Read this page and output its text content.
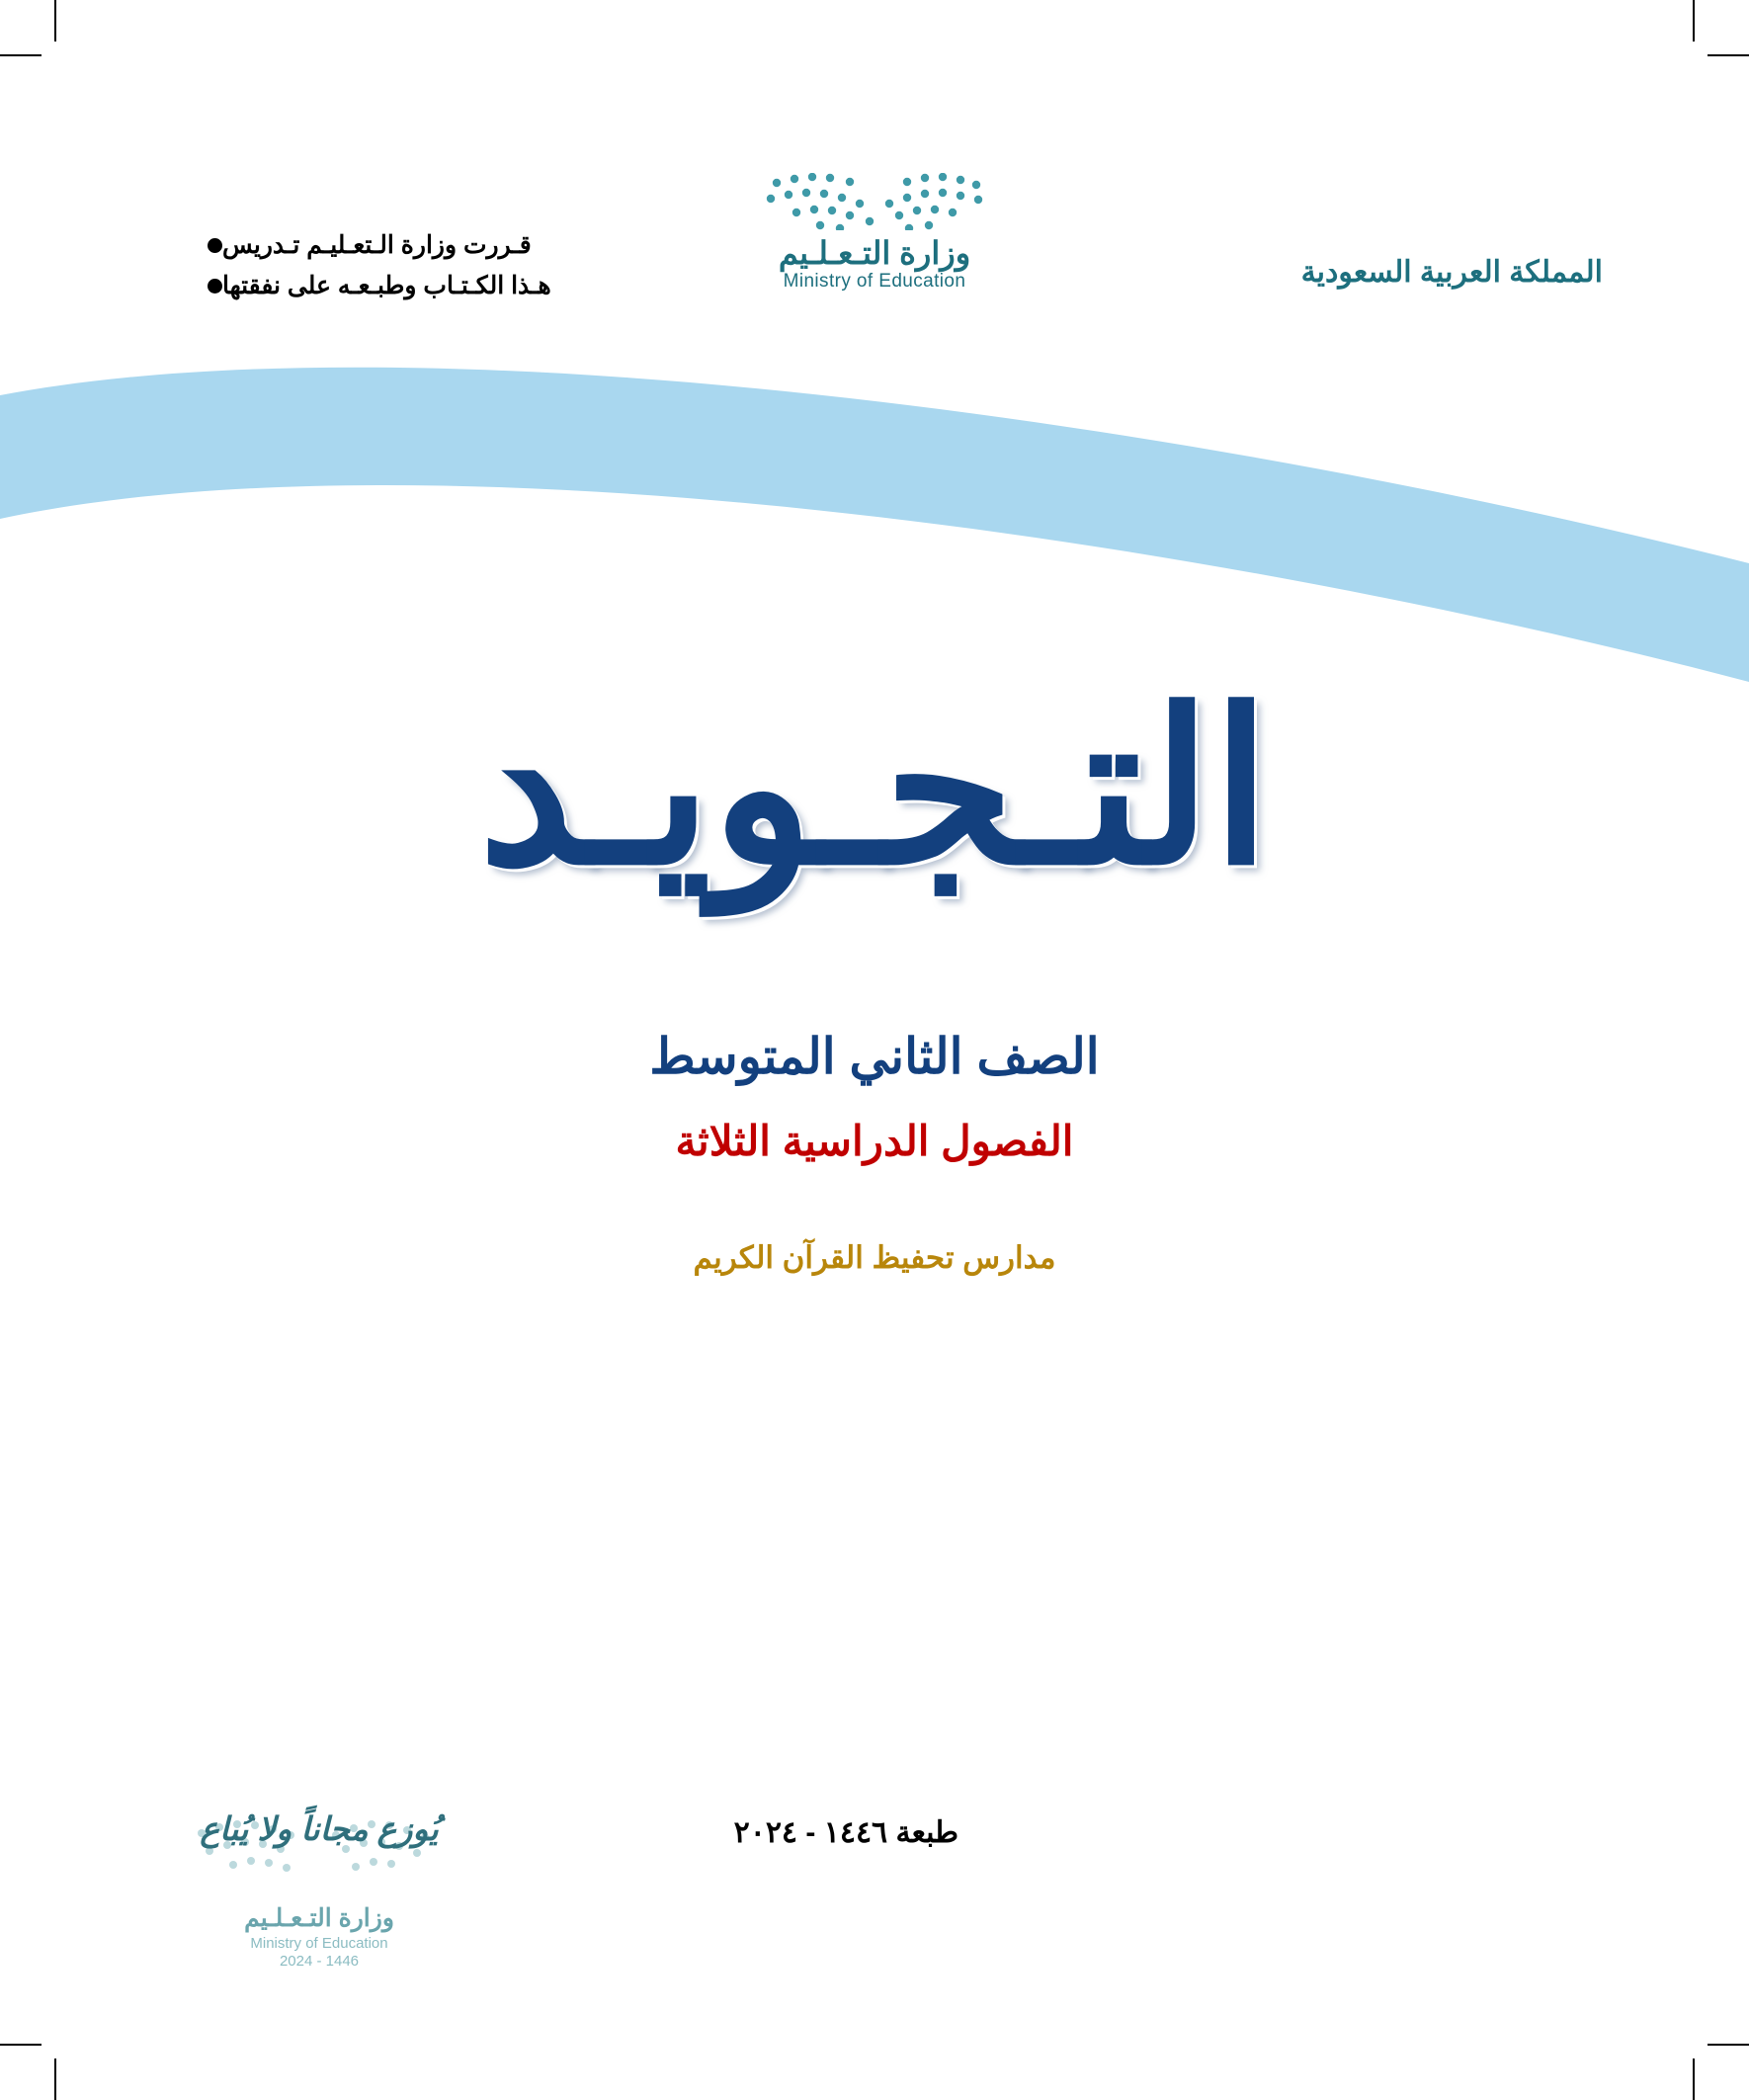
المملكة العربية السعودية
وزارة التـعـلـيم
Ministry of Education
قـررت وزارة الـتعـليـم تـدريس
هـذا الكـتـاب وطبـعـه على نفقتها
التـجـويـد
الصف الثاني المتوسط
الفصول الدراسية الثلاثة
مدارس تحفيظ القرآن الكريم
طبعة ١٤٤٦ - ٢٠٢٤
يُوزع مجاناً ولا يُباع
وزارة التـعـلـيم
Ministry of Education
2024 - 1446
